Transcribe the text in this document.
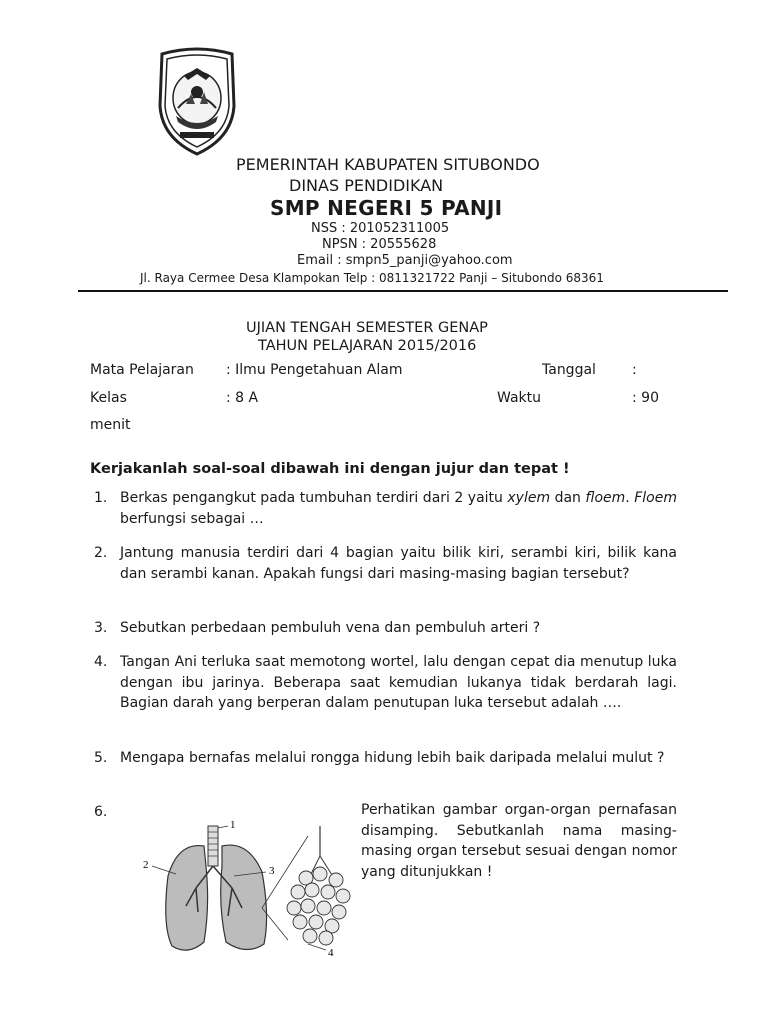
PEMERINTAH KABUPATEN SITUBONDO
DINAS PENDIDIKAN
SMP NEGERI 5 PANJI
NSS : 201052311005
NPSN : 20555628
Email : smpn5_panji@yahoo.com
Jl. Raya Cermee Desa Klampokan Telp : 0811321722 Panji – Situbondo 68361
UJIAN TENGAH SEMESTER GENAP
TAHUN PELAJARAN 2015/2016
Mata Pelajaran : Ilmu Pengetahuan Alam	Tanggal	:
Kelas	: 8 A	Waktu	: 90
menit
Kerjakanlah soal-soal dibawah ini dengan jujur dan tepat !
1. Berkas pengangkut pada tumbuhan terdiri dari 2 yaitu xylem dan floem. Floem berfungsi sebagai …
2. Jantung manusia terdiri dari 4 bagian yaitu bilik kiri, serambi kiri, bilik kana dan serambi kanan. Apakah fungsi dari masing-masing bagian tersebut?
3. Sebutkan perbedaan pembuluh vena dan pembuluh arteri ?
4. Tangan Ani terluka saat memotong wortel, lalu dengan cepat dia menutup luka dengan ibu jarinya. Beberapa saat kemudian lukanya tidak berdarah lagi. Bagian darah yang berperan dalam penutupan luka tersebut adalah ….
5. Mengapa bernafas melalui rongga hidung lebih baik daripada melalui mulut ?
6.	Perhatikan gambar organ-organ pernafasan disamping. Sebutkanlah nama masing-masing organ tersebut sesuai dengan nomor yang ditunjukkan !
1
2	3
4
